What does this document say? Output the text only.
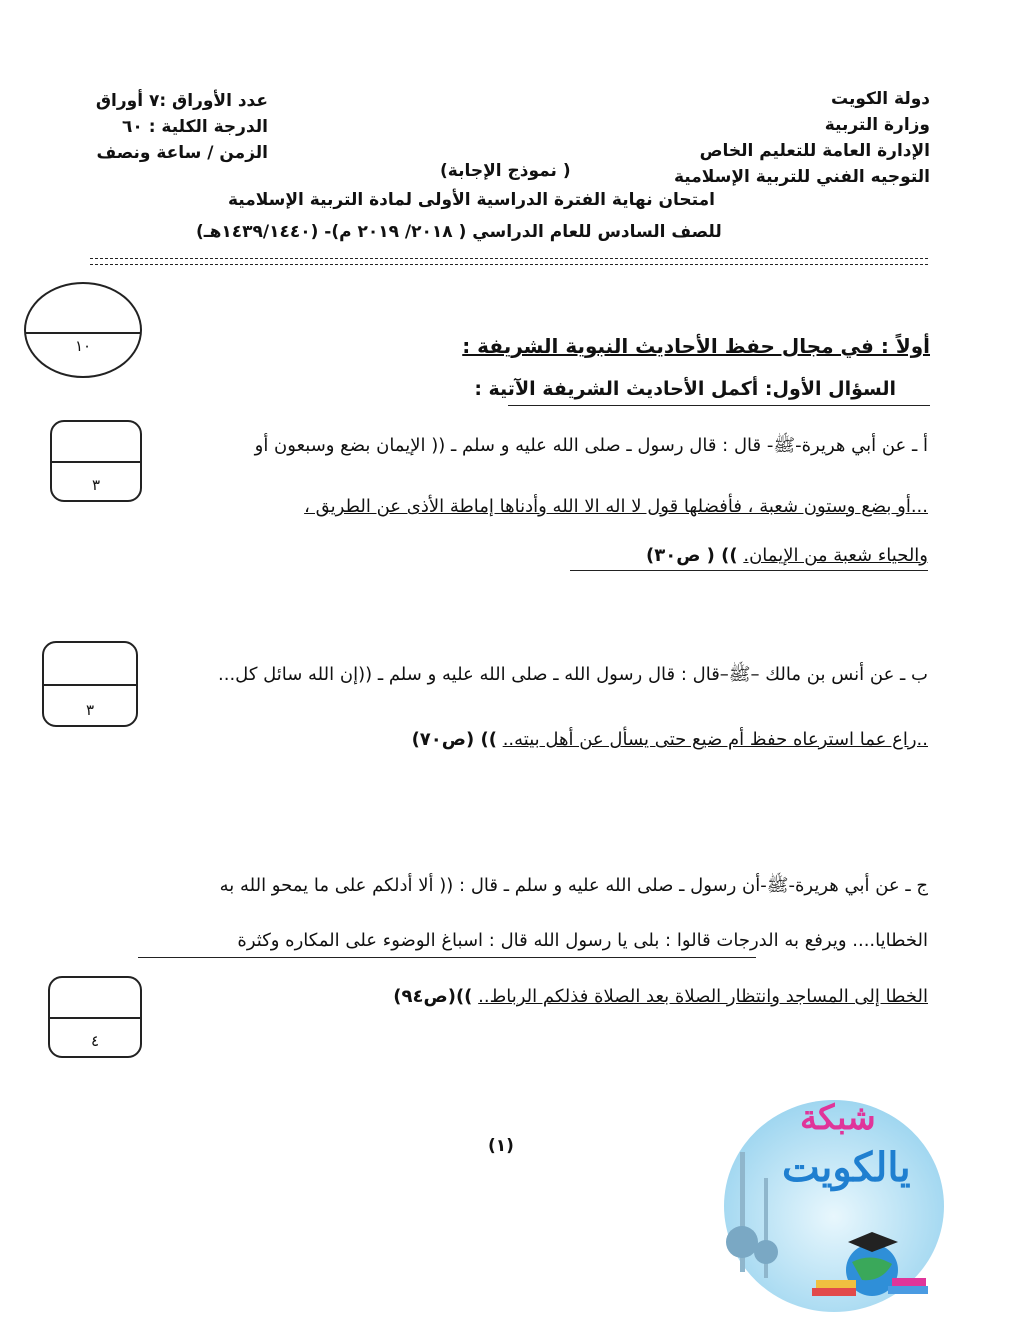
دولة الكويت
وزارة التربية
الإدارة العامة للتعليم الخاص
التوجيه الفني للتربية الإسلامية
عدد الأوراق :٧ أوراق
الدرجة الكلية : ٦٠
الزمن / ساعة ونصف
( نموذج الإجابة)
امتحان نهاية الفترة الدراسية الأولى لمادة التربية الإسلامية
للصف السادس للعام الدراسي ( ٢٠١٨/ ٢٠١٩ م)- (١٤٣٩/١٤٤٠هـ)
١٠	أولاً : في مجال حفظ الأحاديث النبوية الشريفة :
السؤال الأول: أكمل الأحاديث الشريفة الآتية :
٣
أ ـ عن أبي هريرة-ﷺ- قال : قال رسول ـ صلى الله عليه و سلم ـ (( الإيمان بضع وسبعون أو
...أو بضع وستون شعبة ، فأفضلها قول لا اله الا الله وأدناها إماطة الأذى عن الطريق ،
والحياء شعبة من الإيمان. )) ( ص٣٠)
٣
ب ـ عن أنس بن مالك –ﷺ–قال : قال رسول الله ـ صلى الله عليه و سلم ـ ((إن الله سائل كل...
..راع عما استرعاه حفظ أم ضيع حتى يسأل عن أهل بيته.. )) (ص٧٠)
ج ـ عن أبي هريرة-ﷺ-أن رسول ـ صلى الله عليه و سلم ـ قال : (( ألا أدلكم على ما يمحو الله به
الخطايا.... ويرفع به الدرجات قالوا : بلى يا رسول الله قال : اسباغ الوضوء على المكاره وكثرة
٤
الخطا إلى المساجد وانتظار الصلاة بعد الصلاة فذلكم الرباط.. ))(ص٩٤)
(١)
شبكة
يالكويت
